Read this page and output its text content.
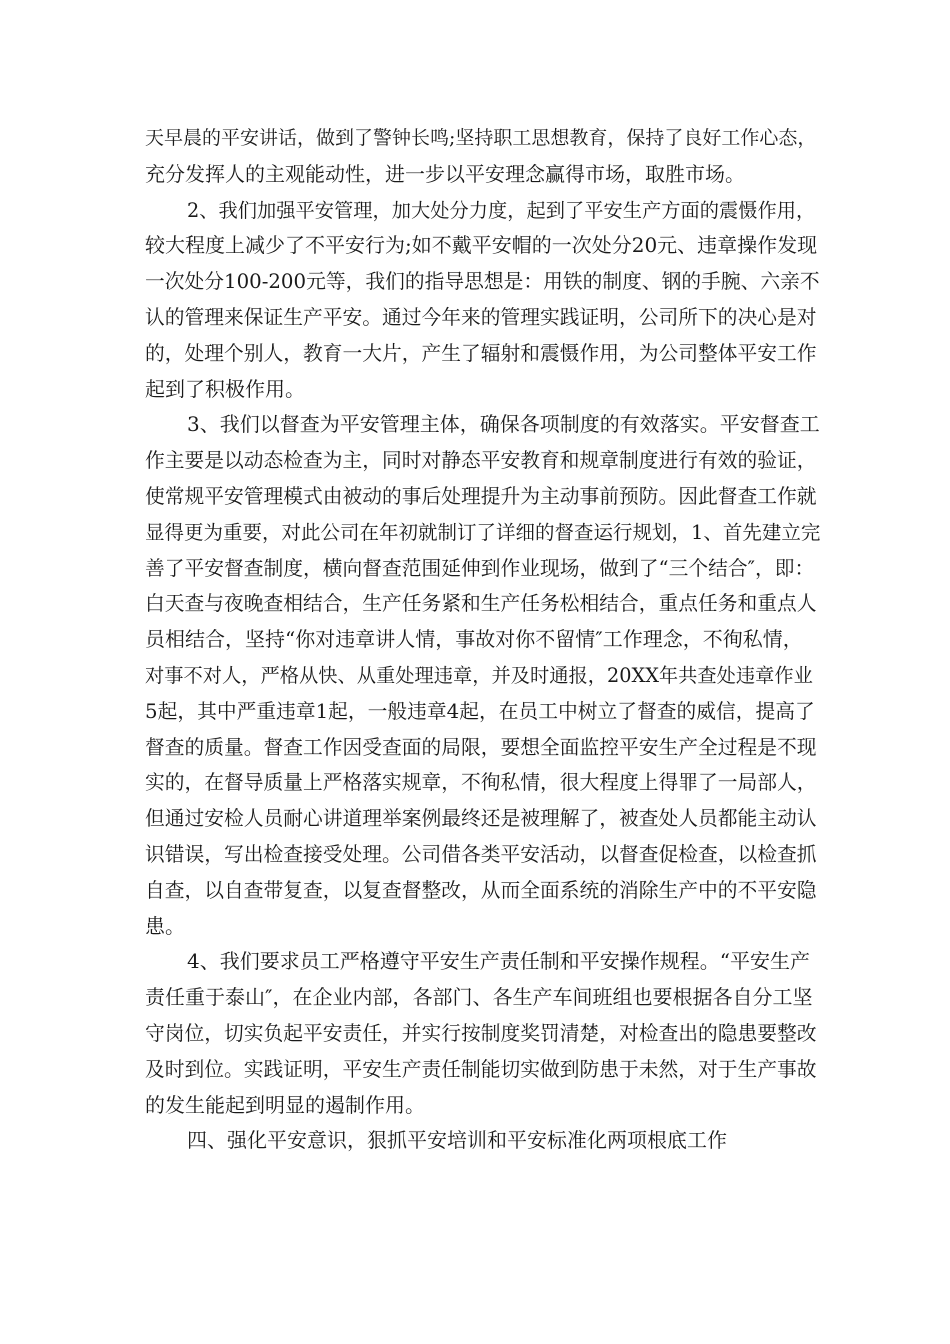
天早晨的平安讲话，做到了警钟长鸣;坚持职工思想教育，保持了良好工作心态，
充分发挥人的主观能动性，进一步以平安理念赢得市场，取胜市场。
2、我们加强平安管理，加大处分力度，起到了平安生产方面的震慑作用，
较大程度上减少了不平安行为;如不戴平安帽的一次处分20元、违章操作发现
一次处分100-200元等，我们的指导思想是：用铁的制度、钢的手腕、六亲不
认的管理来保证生产平安。通过今年来的管理实践证明，公司所下的决心是对
的，处理个别人，教育一大片，产生了辐射和震慑作用，为公司整体平安工作
起到了积极作用。
3、我们以督查为平安管理主体，确保各项制度的有效落实。平安督查工
作主要是以动态检查为主，同时对静态平安教育和规章制度进行有效的验证，
使常规平安管理模式由被动的事后处理提升为主动事前预防。因此督查工作就
显得更为重要，对此公司在年初就制订了详细的督查运行规划，1、首先建立完
善了平安督查制度，横向督查范围延伸到作业现场，做到了“三个结合″，即：
白天查与夜晚查相结合，生产任务紧和生产任务松相结合，重点任务和重点人
员相结合，坚持“你对违章讲人情，事故对你不留情″工作理念，不徇私情，
对事不对人，严格从快、从重处理违章，并及时通报，20XX年共查处违章作业
5起，其中严重违章1起，一般违章4起，在员工中树立了督查的威信，提高了
督查的质量。督查工作因受查面的局限，要想全面监控平安生产全过程是不现
实的，在督导质量上严格落实规章，不徇私情，很大程度上得罪了一局部人，
但通过安检人员耐心讲道理举案例最终还是被理解了，被查处人员都能主动认
识错误，写出检查接受处理。公司借各类平安活动，以督查促检查，以检查抓
自查，以自查带复查，以复查督整改，从而全面系统的消除生产中的不平安隐
患。
4、我们要求员工严格遵守平安生产责任制和平安操作规程。“平安生产
责任重于泰山″，在企业内部，各部门、各生产车间班组也要根据各自分工坚
守岗位，切实负起平安责任，并实行按制度奖罚清楚，对检查出的隐患要整改
及时到位。实践证明，平安生产责任制能切实做到防患于未然，对于生产事故
的发生能起到明显的遏制作用。
四、强化平安意识，狠抓平安培训和平安标准化两项根底工作
